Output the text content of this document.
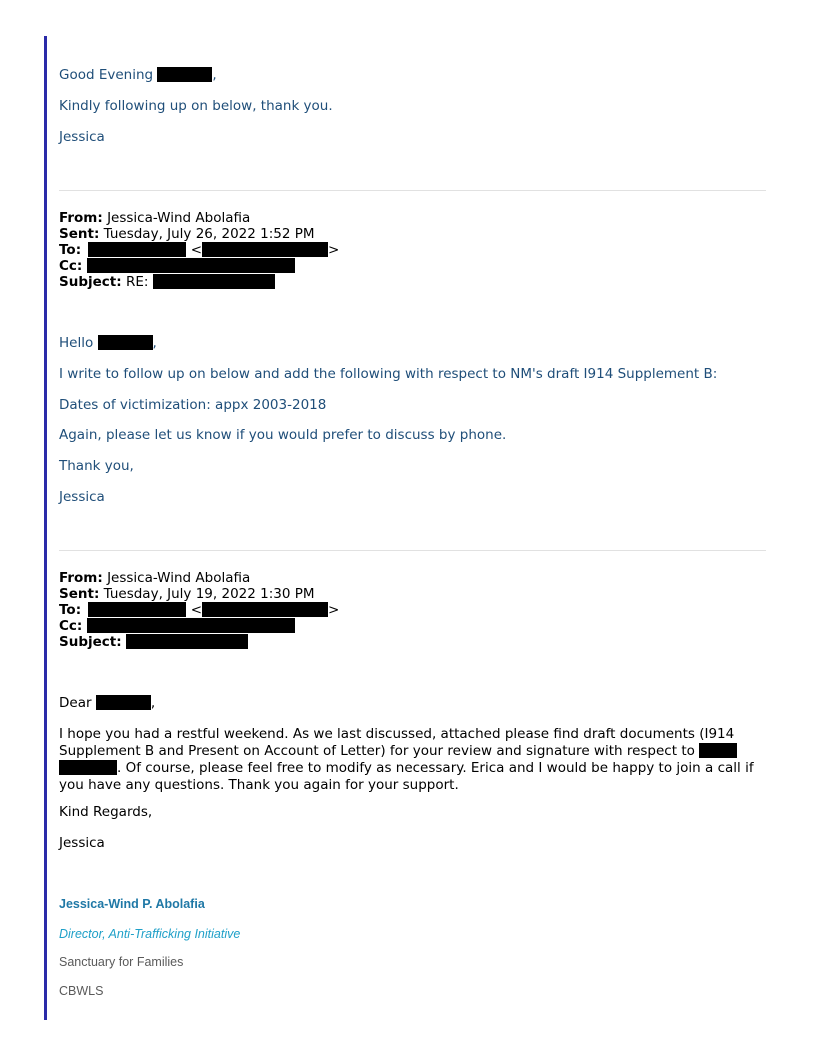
Good Evening	,
Kindly following up on below, thank you.
Jessica
From: Jessica-Wind Abolafia
Sent: Tuesday, July 26, 2022 1:52 PM
To:	<	>
Cc:
Subject: RE:
Hello	,
I write to follow up on below and add the following with respect to NM's draft I914 Supplement B:
Dates of victimization: appx 2003-2018
Again, please let us know if you would prefer to discuss by phone.
Thank you,
Jessica
From: Jessica-Wind Abolafia
Sent: Tuesday, July 19, 2022 1:30 PM
To:	<	>
Cc:
Subject:
Dear	,
I hope you had a restful weekend. As we last discussed, attached please find draft documents (I914 Supplement B and Present on Account of Letter) for your review and signature with respect to  . Of course, please feel free to modify as necessary. Erica and I would be happy to join a call if you have any questions. Thank you again for your support.
Kind Regards,
Jessica
Jessica-Wind P. Abolafia
Director, Anti-Trafficking Initiative
Sanctuary for Families
CBWLS
